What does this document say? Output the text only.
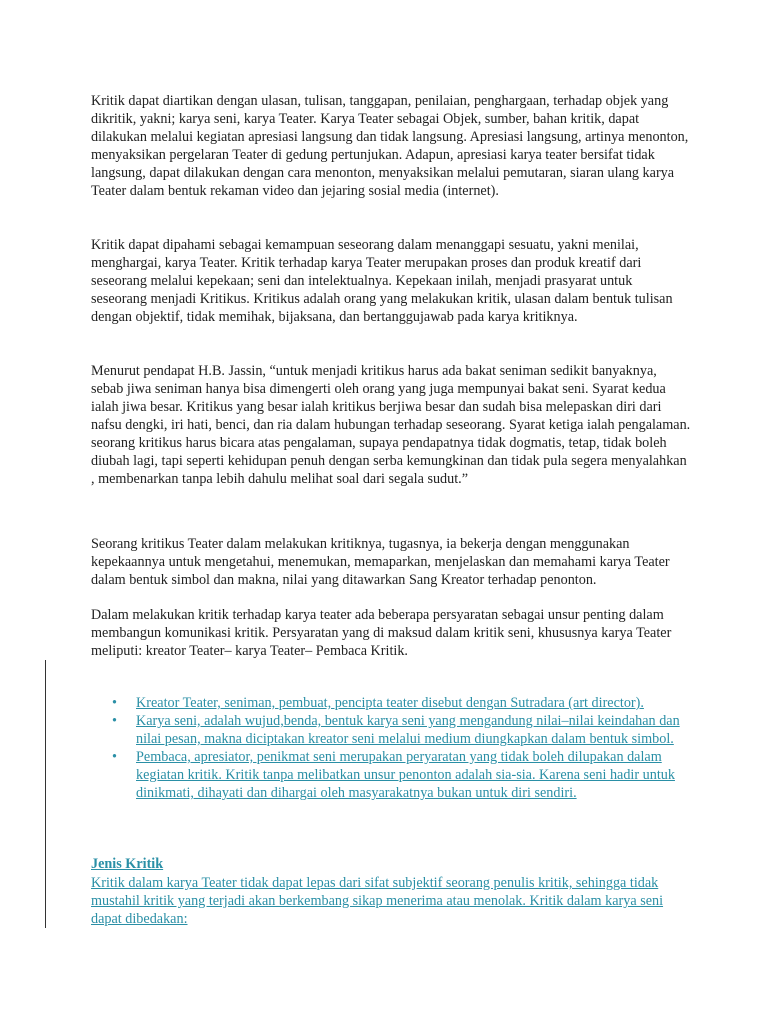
Kritik dapat diartikan dengan ulasan, tulisan, tanggapan, penilaian, penghargaan, terhadap objek yang dikritik, yakni; karya seni, karya Teater. Karya Teater sebagai Objek, sumber, bahan kritik, dapat dilakukan melalui kegiatan apresiasi langsung dan tidak langsung. Apresiasi langsung, artinya menonton, menyaksikan pergelaran Teater di gedung pertunjukan. Adapun, apresiasi karya teater bersifat tidak langsung, dapat dilakukan dengan cara menonton, menyaksikan melalui pemutaran, siaran ulang karya Teater dalam bentuk rekaman video dan jejaring sosial media (internet).

Kritik dapat dipahami sebagai kemampuan seseorang dalam menanggapi sesuatu, yakni menilai, menghargai, karya Teater. Kritik terhadap karya Teater merupakan proses dan produk kreatif dari seseorang melalui kepekaan; seni dan intelektualnya. Kepekaan inilah, menjadi prasyarat untuk seseorang menjadi Kritikus. Kritikus adalah orang yang melakukan kritik, ulasan dalam bentuk tulisan dengan objektif, tidak memihak, bijaksana, dan bertanggujawab pada karya kritiknya.

Menurut pendapat H.B. Jassin, “untuk menjadi kritikus harus ada bakat seniman sedikit banyaknya, sebab jiwa seniman hanya bisa dimengerti oleh orang yang juga mempunyai bakat seni. Syarat kedua ialah jiwa besar. Kritikus yang besar ialah kritikus berjiwa besar dan sudah bisa melepaskan diri dari nafsu dengki, iri hati, benci, dan ria dalam hubungan terhadap seseorang. Syarat ketiga ialah pengalaman. seorang kritikus harus bicara atas pengalaman, supaya pendapatnya tidak dogmatis, tetap, tidak boleh diubah lagi, tapi seperti kehidupan penuh dengan serba kemungkinan dan tidak pula segera menyalahkan , membenarkan tanpa lebih dahulu melihat soal dari segala sudut.”

Seorang kritikus Teater dalam melakukan kritiknya, tugasnya, ia bekerja dengan menggunakan kepekaannya untuk mengetahui, menemukan, memaparkan, menjelaskan dan memahami karya Teater dalam bentuk simbol dan makna, nilai yang ditawarkan Sang Kreator terhadap penonton.

Dalam melakukan kritik terhadap karya teater ada beberapa persyaratan sebagai unsur penting dalam membangun komunikasi kritik. Persyaratan yang di maksud dalam kritik seni, khususnya karya Teater meliputi: kreator Teater– karya Teater– Pembaca Kritik.

• Kreator Teater, seniman, pembuat, pencipta teater disebut dengan Sutradara (art director).
• Karya seni, adalah wujud,benda, bentuk karya seni yang mengandung nilai–nilai keindahan dan nilai pesan, makna diciptakan kreator seni melalui medium diungkapkan dalam bentuk simbol.
• Pembaca, apresiator, penikmat seni merupakan peryaratan yang tidak boleh dilupakan dalam kegiatan kritik. Kritik tanpa melibatkan unsur penonton adalah sia-sia. Karena seni hadir untuk dinikmati, dihayati dan dihargai oleh masyarakatnya bukan untuk diri sendiri.
Jenis Kritik

Kritik dalam karya Teater tidak dapat lepas dari sifat subjektif seorang penulis kritik, sehingga tidak mustahil kritik yang terjadi akan berkembang sikap menerima atau menolak. Kritik dalam karya seni dapat dibedakan:
